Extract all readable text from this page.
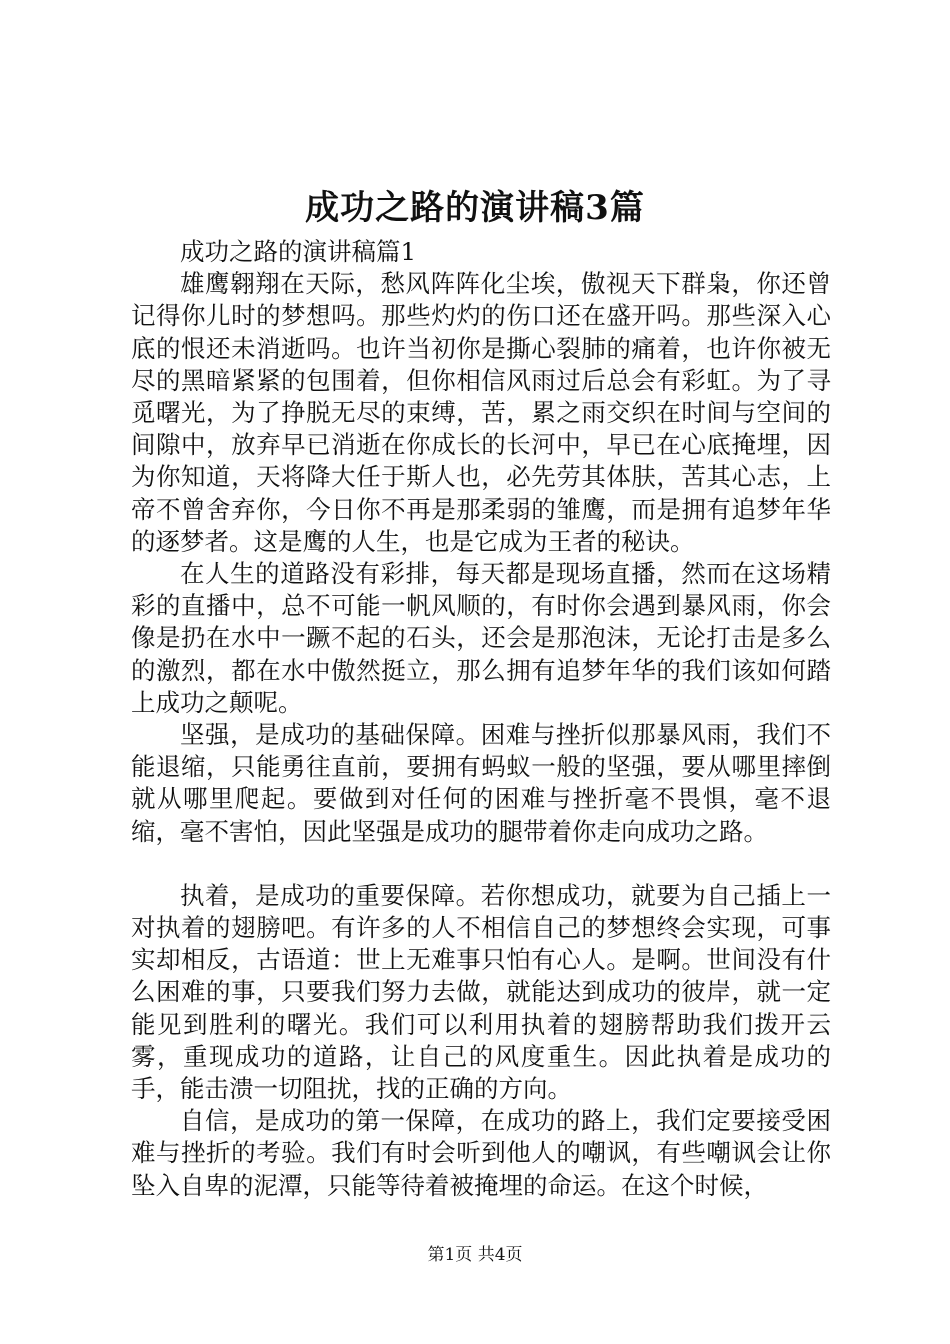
成功之路的演讲稿3篇

成功之路的演讲稿篇1

雄鹰翱翔在天际，愁风阵阵化尘埃，傲视天下群枭，你还曾记得你儿时的梦想吗。那些灼灼的伤口还在盛开吗。那些深入心底的恨还未消逝吗。也许当初你是撕心裂肺的痛着，也许你被无尽的黑暗紧紧的包围着，但你相信风雨过后总会有彩虹。为了寻觅曙光，为了挣脱无尽的束缚，苦，累之雨交织在时间与空间的间隙中，放弃早已消逝在你成长的长河中，早已在心底掩埋，因为你知道，天将降大任于斯人也，必先劳其体肤，苦其心志，上帝不曾舍弃你，今日你不再是那柔弱的雏鹰，而是拥有追梦年华的逐梦者。这是鹰的人生，也是它成为王者的秘诀。

在人生的道路没有彩排，每天都是现场直播，然而在这场精彩的直播中，总不可能一帆风顺的，有时你会遇到暴风雨，你会像是扔在水中一蹶不起的石头，还会是那泡沫，无论打击是多么的激烈，都在水中傲然挺立，那么拥有追梦年华的我们该如何踏上成功之颠呢。

坚强，是成功的基础保障。困难与挫折似那暴风雨，我们不能退缩，只能勇往直前，要拥有蚂蚁一般的坚强，要从哪里摔倒就从哪里爬起。要做到对任何的困难与挫折毫不畏惧，毫不退缩，毫不害怕，因此坚强是成功的腿带着你走向成功之路。

执着，是成功的重要保障。若你想成功，就要为自己插上一对执着的翅膀吧。有许多的人不相信自己的梦想终会实现，可事实却相反，古语道：世上无难事只怕有心人。是啊。世间没有什么困难的事，只要我们努力去做，就能达到成功的彼岸，就一定能见到胜利的曙光。我们可以利用执着的翅膀帮助我们拨开云雾，重现成功的道路，让自己的风度重生。因此执着是成功的手，能击溃一切阻扰，找的正确的方向。

自信，是成功的第一保障，在成功的路上，我们定要接受困难与挫折的考验。我们有时会听到他人的嘲讽，有些嘲讽会让你坠入自卑的泥潭，只能等待着被掩埋的命运。在这个时候，

第1页 共4页
